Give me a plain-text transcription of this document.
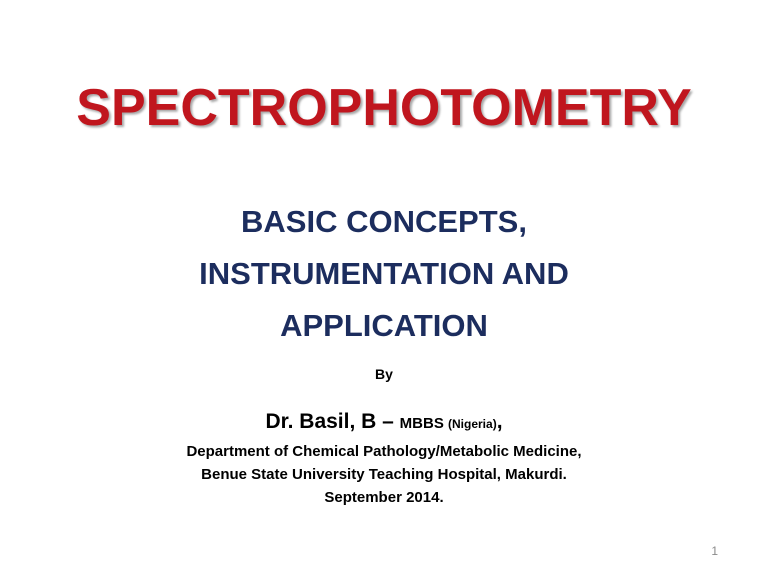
SPECTROPHOTOMETRY
BASIC CONCEPTS,
INSTRUMENTATION AND
APPLICATION
By
Dr. Basil, B – MBBS (Nigeria),
Department of Chemical Pathology/Metabolic Medicine,
Benue State University Teaching Hospital, Makurdi.
September 2014.
1
